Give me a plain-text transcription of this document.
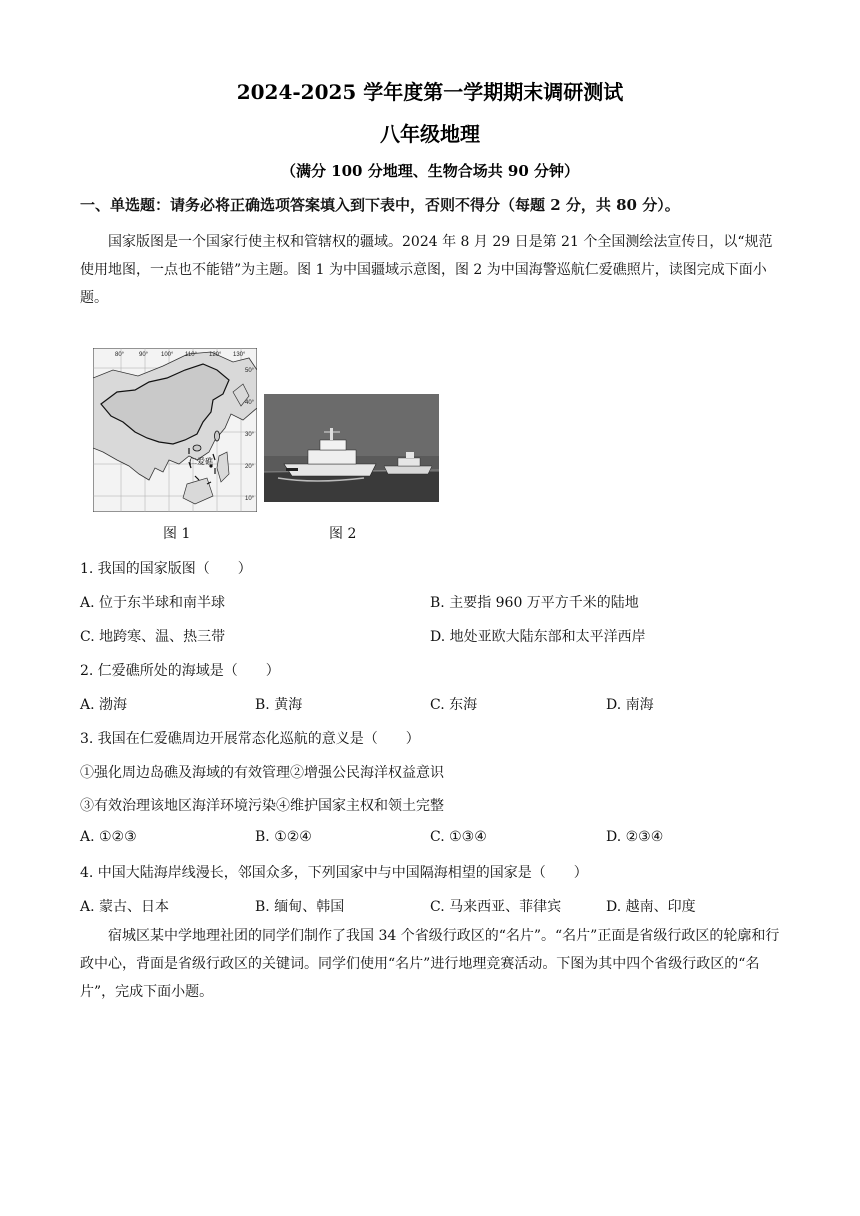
2024-2025 学年度第一学期期末调研测试
八年级地理
（满分 100 分地理、生物合场共 90 分钟）
一、单选题：请务必将正确选项答案填入到下表中，否则不得分（每题 2 分，共 80 分）。

国家版图是一个国家行使主权和管辖权的疆域。2024 年 8 月 29 日是第 21 个全国测绘法宣传日，以“规范使用地图，一点也不能错”为主题。图 1 为中国疆域示意图，图 2 为中国海警巡航仁爱礁照片，读图完成下面小题。

仁爱礁
80° 90° 100° 110° 120° 130°
50°
40°
30°
20°
10°
图 1	图 2
1. 我国的国家版图（　　）
A. 位于东半球和南半球	B. 主要指 960 万平方千米的陆地
C. 地跨寒、温、热三带	D. 地处亚欧大陆东部和太平洋西岸
2. 仁爱礁所处的海域是（　　）
A. 渤海	B. 黄海	C. 东海	D. 南海
3. 我国在仁爱礁周边开展常态化巡航的意义是（　　）
①强化周边岛礁及海域的有效管理②增强公民海洋权益意识
③有效治理该地区海洋环境污染④维护国家主权和领土完整
A. ①②③	B. ①②④	C. ①③④	D. ②③④
4. 中国大陆海岸线漫长，邻国众多，下列国家中与中国隔海相望的国家是（　　）
A. 蒙古、日本	B. 缅甸、韩国	C. 马来西亚、菲律宾	D. 越南、印度

宿城区某中学地理社团的同学们制作了我国 34 个省级行政区的“名片”。“名片”正面是省级行政区的轮廓和行政中心，背面是省级行政区的关键词。同学们使用“名片”进行地理竞赛活动。下图为其中四个省级行政区的“名片”，完成下面小题。
